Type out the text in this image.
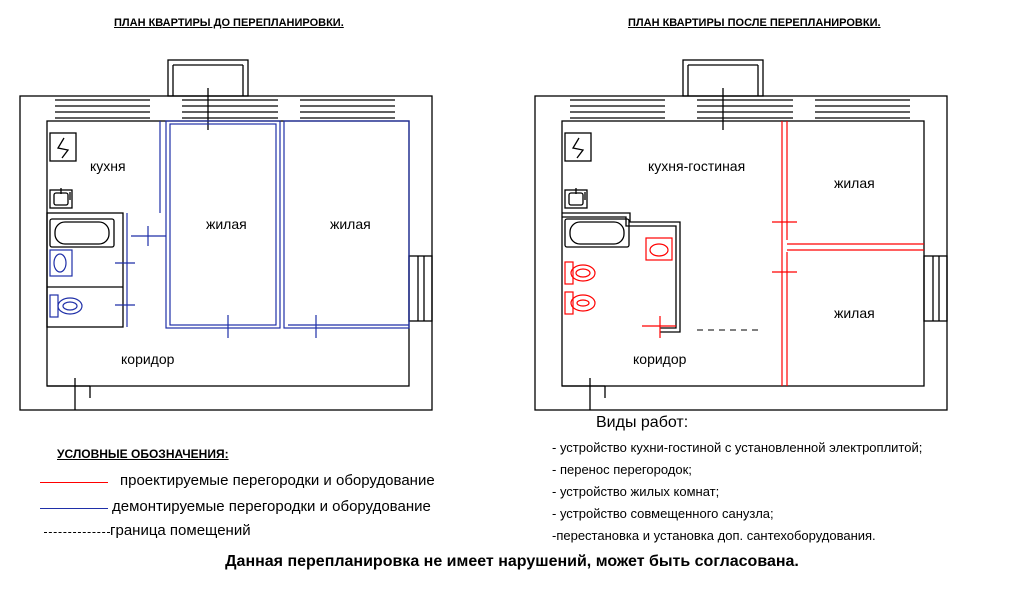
ПЛАН КВАРТИРЫ ДО ПЕРЕПЛАНИРОВКИ.	ПЛАН КВАРТИРЫ ПОСЛЕ ПЕРЕПЛАНИРОВКИ.
кухня
жилая	жилая
коридор
кухня-гостиная
жилая
жилая
коридор
УСЛОВНЫЕ ОБОЗНАЧЕНИЯ:
проектируемые перегородки и оборудование
демонтируемые перегородки и оборудование
граница помещений
Виды работ:
- устройство кухни-гостиной с установленной электроплитой;
- перенос перегородок;
- устройство жилых комнат;
- устройство совмещенного санузла;
-перестановка и установка доп. сантехоборудования.
Данная перепланировка не имеет нарушений, может быть согласована.
